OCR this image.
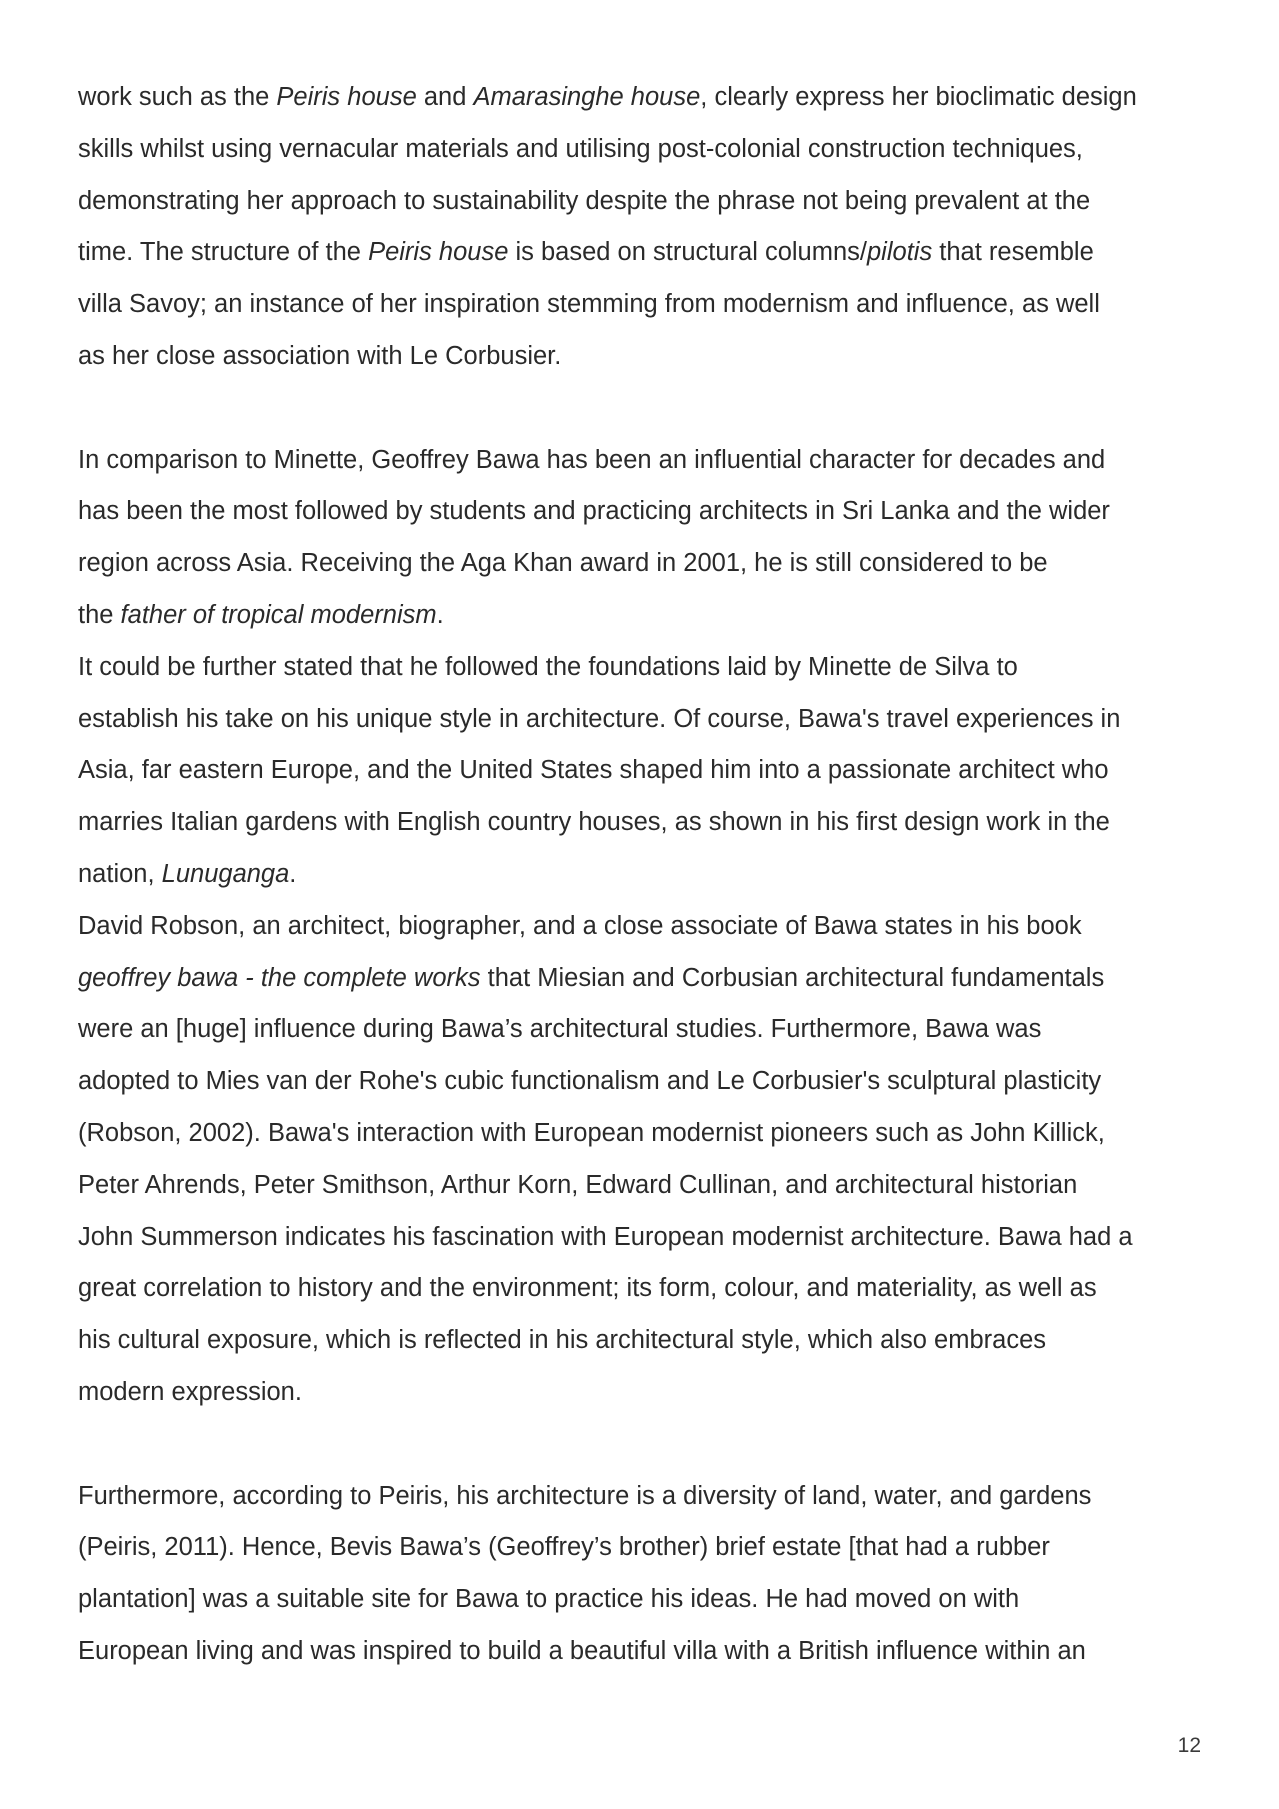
work such as the Peiris house and Amarasinghe house, clearly express her bioclimatic design
skills whilst using vernacular materials and utilising post-colonial construction techniques,
demonstrating her approach to sustainability despite the phrase not being prevalent at the
time. The structure of the Peiris house is based on structural columns/pilotis that resemble
villa Savoy; an instance of her inspiration stemming from modernism and influence, as well
as her close association with Le Corbusier.
In comparison to Minette, Geoffrey Bawa has been an influential character for decades and
has been the most followed by students and practicing architects in Sri Lanka and the wider
region across Asia. Receiving the Aga Khan award in 2001, he is still considered to be
the father of tropical modernism.
It could be further stated that he followed the foundations laid by Minette de Silva to
establish his take on his unique style in architecture. Of course, Bawa's travel experiences in
Asia, far eastern Europe, and the United States shaped him into a passionate architect who
marries Italian gardens with English country houses, as shown in his first design work in the
nation, Lunuganga.
David Robson, an architect, biographer, and a close associate of Bawa states in his book
geoffrey bawa - the complete works that Miesian and Corbusian architectural fundamentals
were an [huge] influence during Bawa’s architectural studies. Furthermore, Bawa was
adopted to Mies van der Rohe's cubic functionalism and Le Corbusier's sculptural plasticity
(Robson, 2002). Bawa's interaction with European modernist pioneers such as John Killick,
Peter Ahrends, Peter Smithson, Arthur Korn, Edward Cullinan, and architectural historian
John Summerson indicates his fascination with European modernist architecture. Bawa had a
great correlation to history and the environment; its form, colour, and materiality, as well as
his cultural exposure, which is reflected in his architectural style, which also embraces
modern expression.
Furthermore, according to Peiris, his architecture is a diversity of land, water, and gardens
(Peiris, 2011). Hence, Bevis Bawa’s (Geoffrey’s brother) brief estate [that had a rubber
plantation] was a suitable site for Bawa to practice his ideas. He had moved on with
European living and was inspired to build a beautiful villa with a British influence within an
12
